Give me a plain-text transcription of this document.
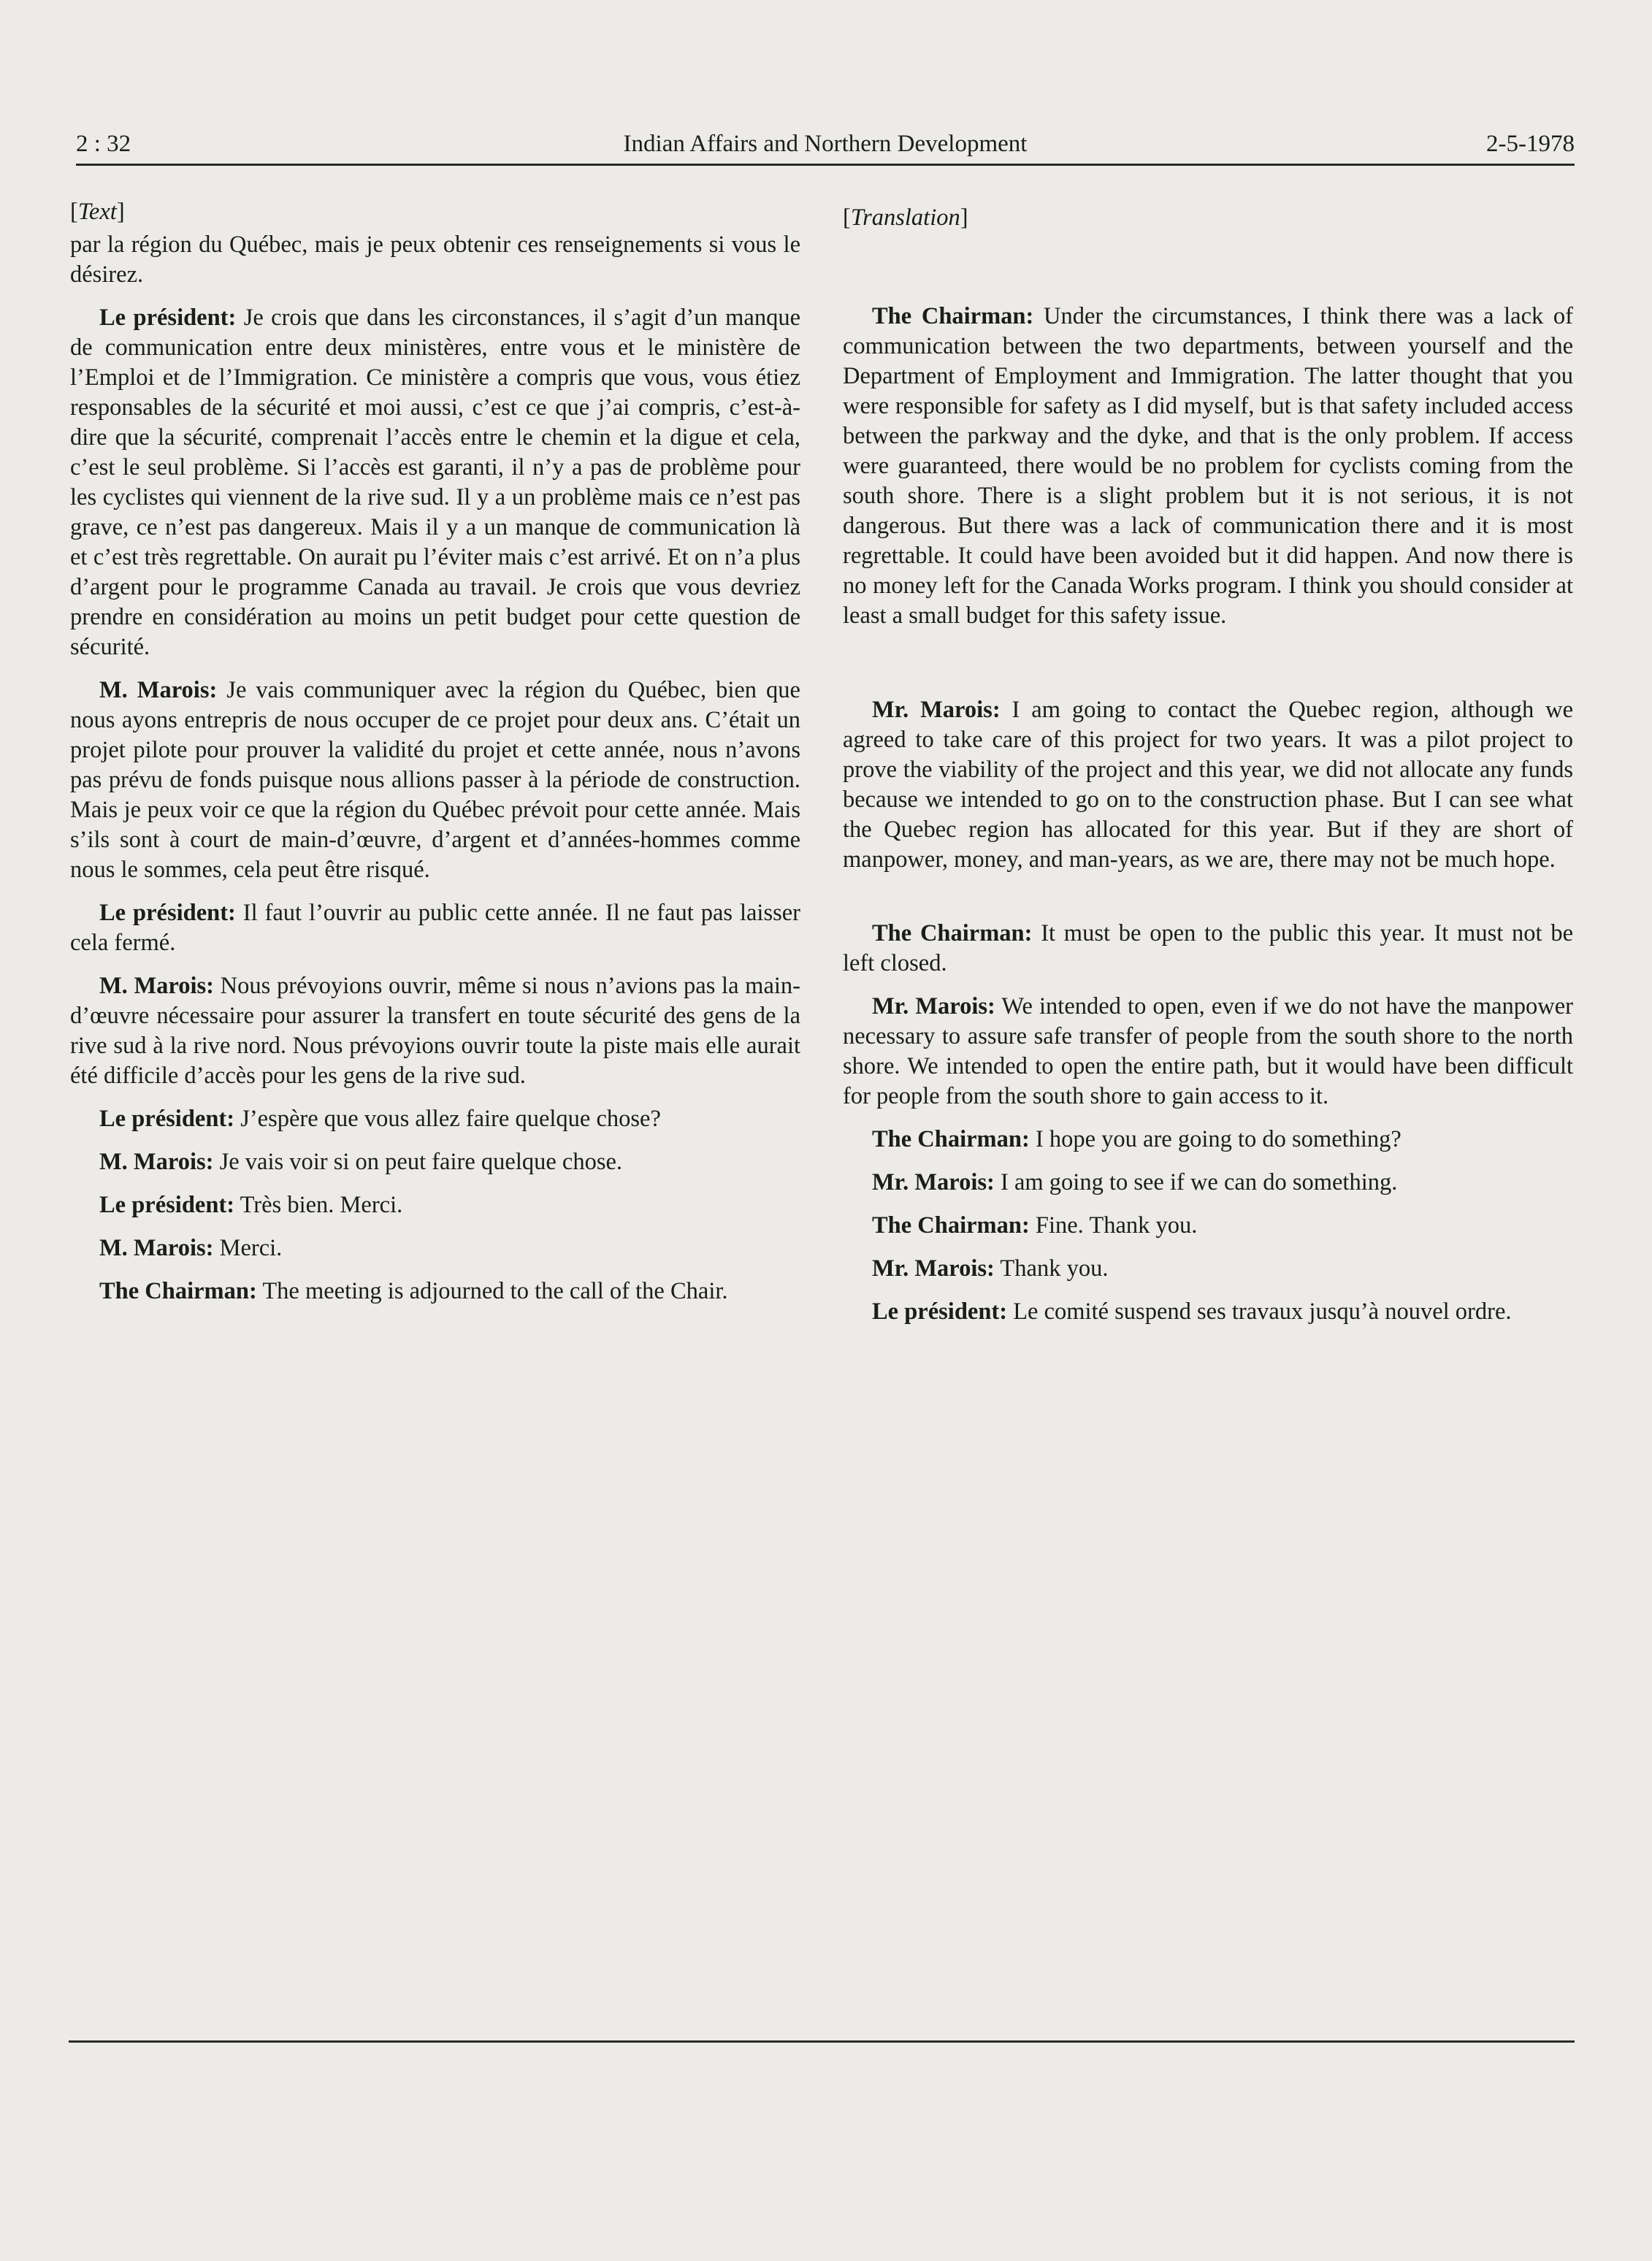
2 : 32	Indian Affairs and Northern Development	2-5-1978
[Text]

par la région du Québec, mais je peux obtenir ces renseignements si vous le désirez.

Le président: Je crois que dans les circonstances, il s’agit d’un manque de communication entre deux ministères, entre vous et le ministère de l’Emploi et de l’Immigration. Ce ministère a compris que vous, vous étiez responsables de la sécurité et moi aussi, c’est ce que j’ai compris, c’est-à-dire que la sécurité, comprenait l’accès entre le chemin et la digue et cela, c’est le seul problème. Si l’accès est garanti, il n’y a pas de problème pour les cyclistes qui viennent de la rive sud. Il y a un problème mais ce n’est pas grave, ce n’est pas dangereux. Mais il y a un manque de communication là et c’est très regrettable. On aurait pu l’éviter mais c’est arrivé. Et on n’a plus d’argent pour le programme Canada au travail. Je crois que vous devriez prendre en considération au moins un petit budget pour cette question de sécurité.

M. Marois: Je vais communiquer avec la région du Québec, bien que nous ayons entrepris de nous occuper de ce projet pour deux ans. C’était un projet pilote pour prouver la validité du projet et cette année, nous n’avons pas prévu de fonds puisque nous allions passer à la période de construction. Mais je peux voir ce que la région du Québec prévoit pour cette année. Mais s’ils sont à court de main-d’œuvre, d’argent et d’années-hommes comme nous le sommes, cela peut être risqué.

Le président: Il faut l’ouvrir au public cette année. Il ne faut pas laisser cela fermé.

M. Marois: Nous prévoyions ouvrir, même si nous n’avions pas la main-d’œuvre nécessaire pour assurer la transfert en toute sécurité des gens de la rive sud à la rive nord. Nous prévoyions ouvrir toute la piste mais elle aurait été difficile d’accès pour les gens de la rive sud.

Le président: J’espère que vous allez faire quelque chose?

M. Marois: Je vais voir si on peut faire quelque chose.

Le président: Très bien. Merci.

M. Marois: Merci.

The Chairman: The meeting is adjourned to the call of the Chair.

[Translation]

The Chairman: Under the circumstances, I think there was a lack of communication between the two departments, between yourself and the Department of Employment and Immigration. The latter thought that you were responsible for safety as I did myself, but is that safety included access between the parkway and the dyke, and that is the only problem. If access were guaranteed, there would be no problem for cyclists coming from the south shore. There is a slight problem but it is not serious, it is not dangerous. But there was a lack of communication there and it is most regrettable. It could have been avoided but it did happen. And now there is no money left for the Canada Works program. I think you should consider at least a small budget for this safety issue.

Mr. Marois: I am going to contact the Quebec region, although we agreed to take care of this project for two years. It was a pilot project to prove the viability of the project and this year, we did not allocate any funds because we intended to go on to the construction phase. But I can see what the Quebec region has allocated for this year. But if they are short of manpower, money, and man-years, as we are, there may not be much hope.

The Chairman: It must be open to the public this year. It must not be left closed.

Mr. Marois: We intended to open, even if we do not have the manpower necessary to assure safe transfer of people from the south shore to the north shore. We intended to open the entire path, but it would have been difficult for people from the south shore to gain access to it.

The Chairman: I hope you are going to do something?

Mr. Marois: I am going to see if we can do something.

The Chairman: Fine. Thank you.

Mr. Marois: Thank you.

Le président: Le comité suspend ses travaux jusqu’à nouvel ordre.
